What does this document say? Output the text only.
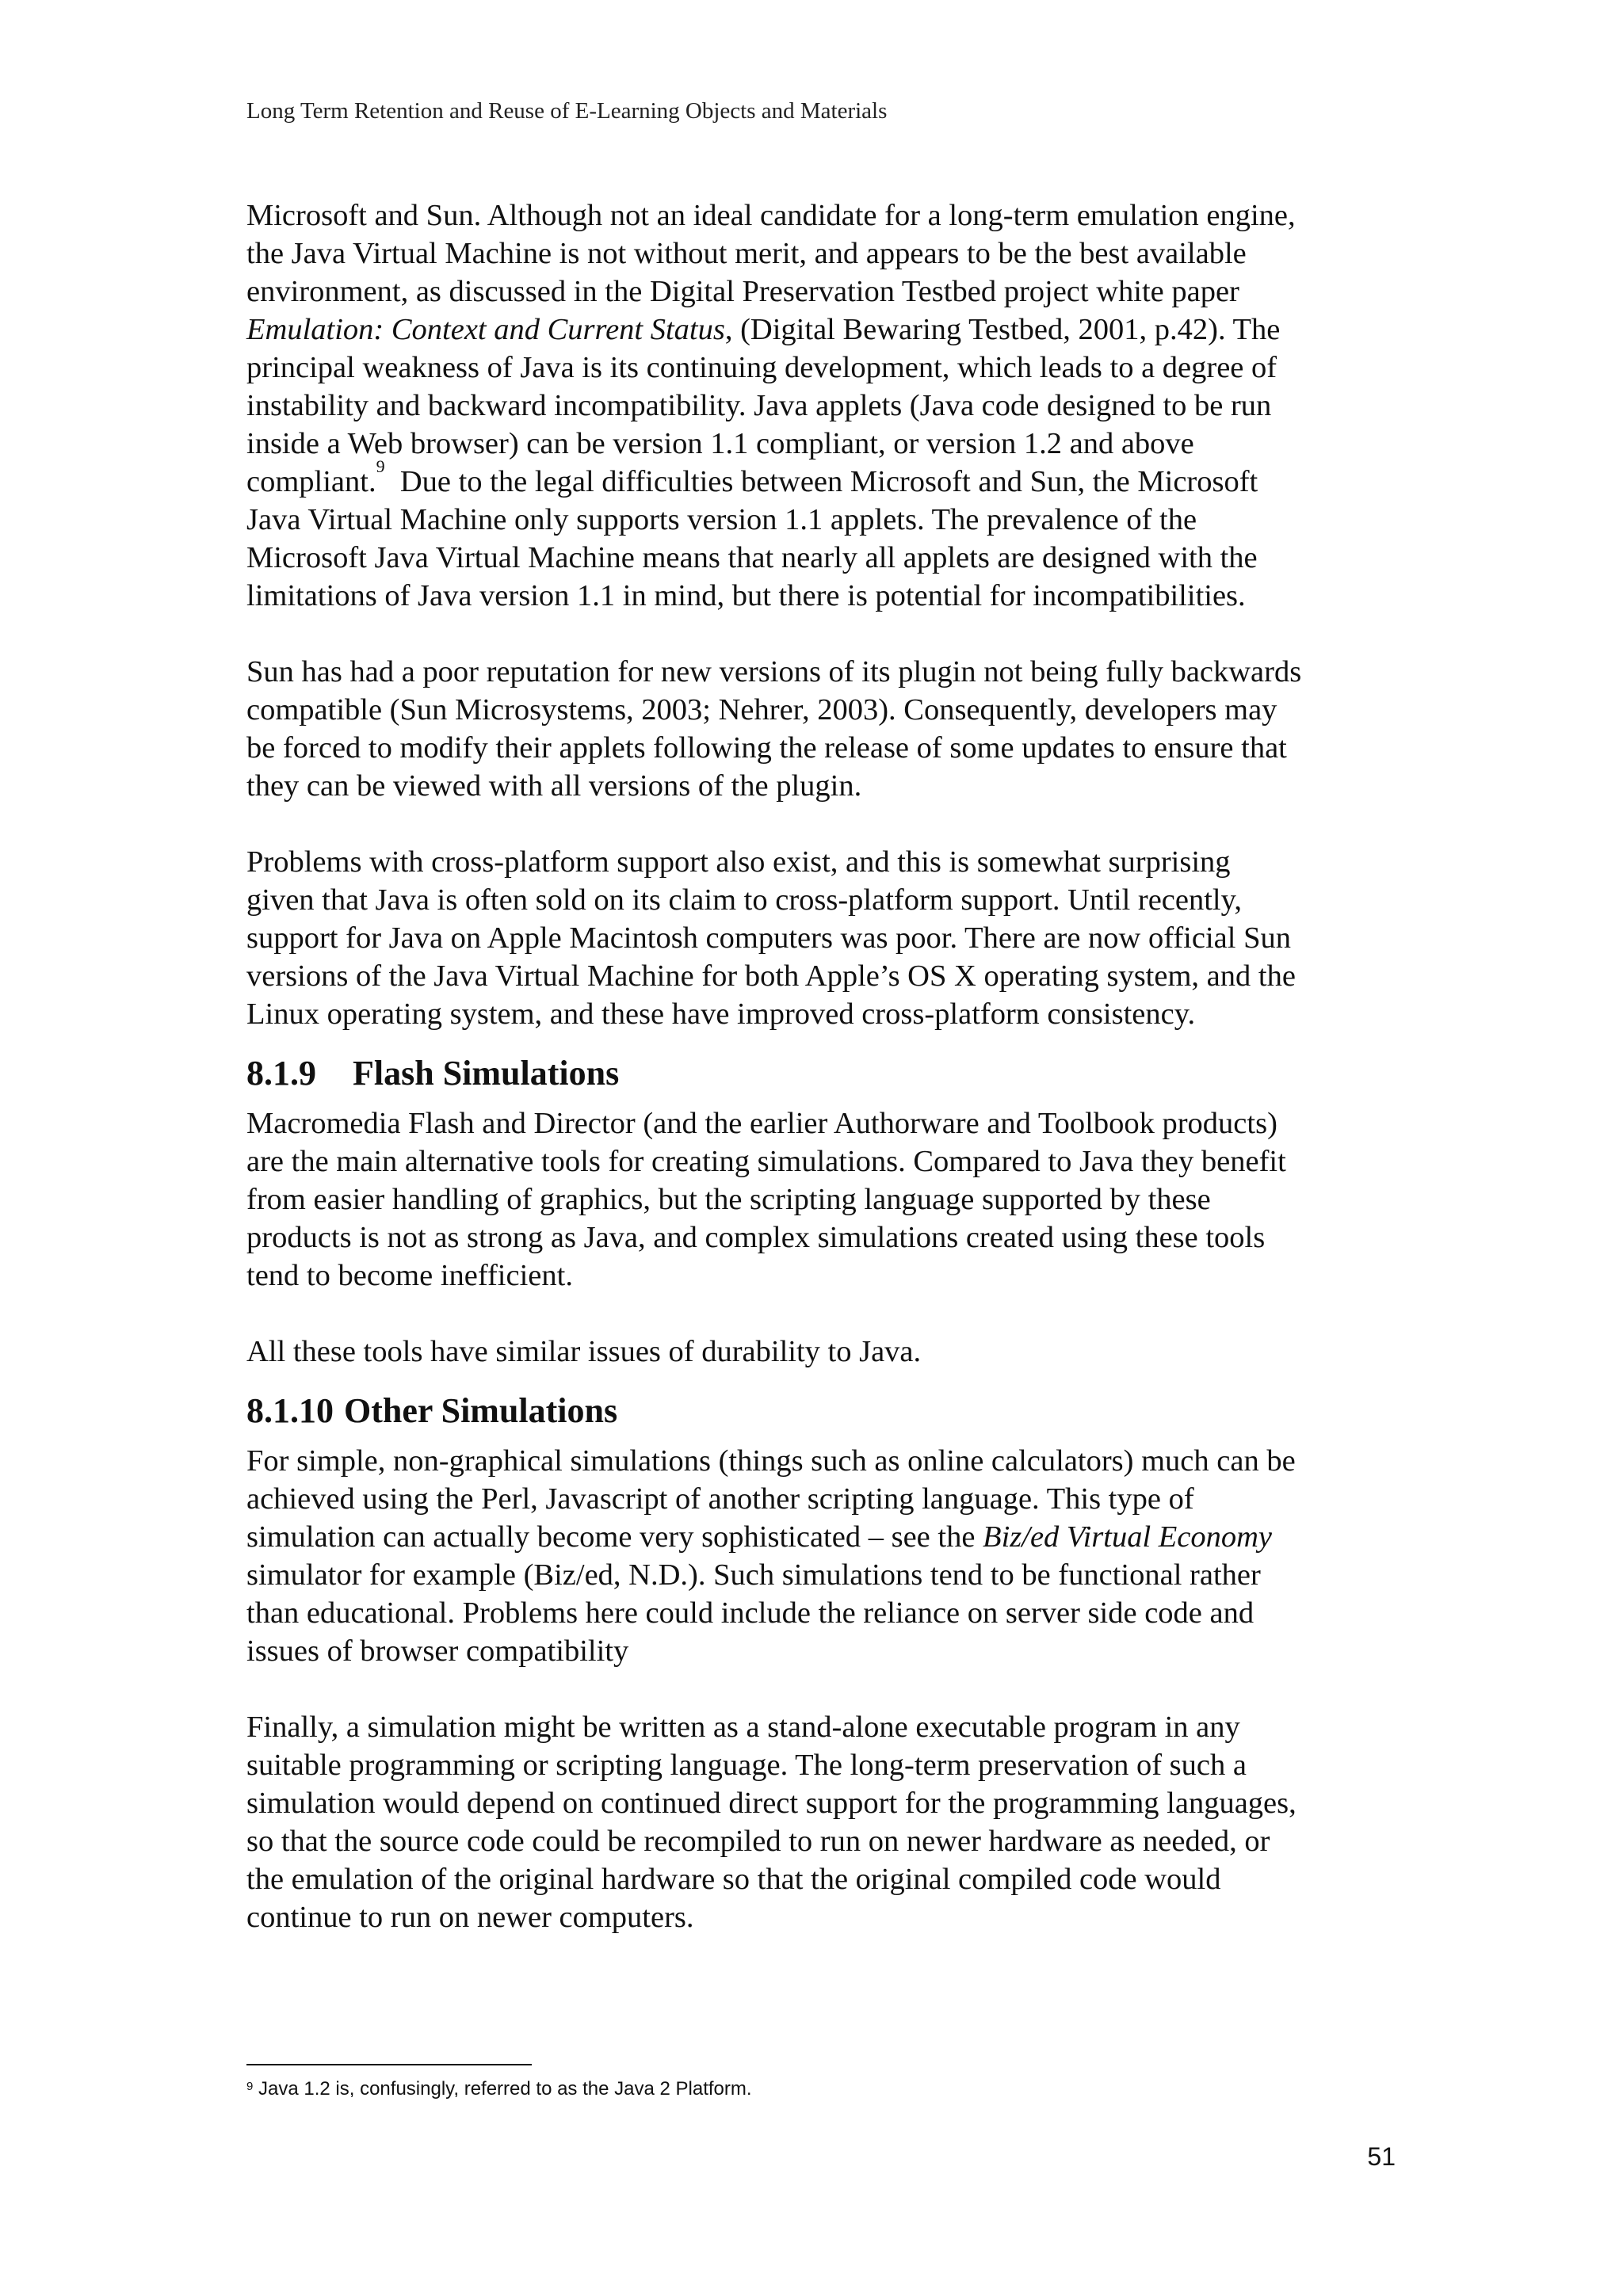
Long Term Retention and Reuse of E-Learning Objects and Materials

Microsoft and Sun. Although not an ideal candidate for a long-term emulation engine,
the Java Virtual Machine is not without merit, and appears to be the best available
environment, as discussed in the Digital Preservation Testbed project white paper
Emulation: Context and Current Status, (Digital Bewaring Testbed, 2001, p.42). The
principal weakness of Java is its continuing development, which leads to a degree of
instability and backward incompatibility. Java applets (Java code designed to be run
inside a Web browser) can be version 1.1 compliant, or version 1.2 and above
compliant.$^9$  Due to the legal difficulties between Microsoft and Sun, the Microsoft
Java Virtual Machine only supports version 1.1 applets. The prevalence of the
Microsoft Java Virtual Machine means that nearly all applets are designed with the
limitations of Java version 1.1 in mind, but there is potential for incompatibilities.

Sun has had a poor reputation for new versions of its plugin not being fully backwards
compatible (Sun Microsystems, 2003; Nehrer, 2003). Consequently, developers may
be forced to modify their applets following the release of some updates to ensure that
they can be viewed with all versions of the plugin.

Problems with cross-platform support also exist, and this is somewhat surprising
given that Java is often sold on its claim to cross-platform support. Until recently,
support for Java on Apple Macintosh computers was poor. There are now official Sun
versions of the Java Virtual Machine for both Apple’s OS X operating system, and the
Linux operating system, and these have improved cross-platform consistency.

8.1.9 Flash Simulations

Macromedia Flash and Director (and the earlier Authorware and Toolbook products)
are the main alternative tools for creating simulations. Compared to Java they benefit
from easier handling of graphics, but the scripting language supported by these
products is not as strong as Java, and complex simulations created using these tools
tend to become inefficient.

All these tools have similar issues of durability to Java.

8.1.10 Other Simulations

For simple, non-graphical simulations (things such as online calculators) much can be
achieved using the Perl, Javascript of another scripting language. This type of
simulation can actually become very sophisticated – see the Biz/ed Virtual Economy
simulator for example (Biz/ed, N.D.). Such simulations tend to be functional rather
than educational. Problems here could include the reliance on server side code and
issues of browser compatibility

Finally, a simulation might be written as a stand-alone executable program in any
suitable programming or scripting language. The long-term preservation of such a
simulation would depend on continued direct support for the programming languages,
so that the source code could be recompiled to run on newer hardware as needed, or
the emulation of the original hardware so that the original compiled code would
continue to run on newer computers.

$^9$ Java 1.2 is, confusingly, referred to as the Java 2 Platform.
51
